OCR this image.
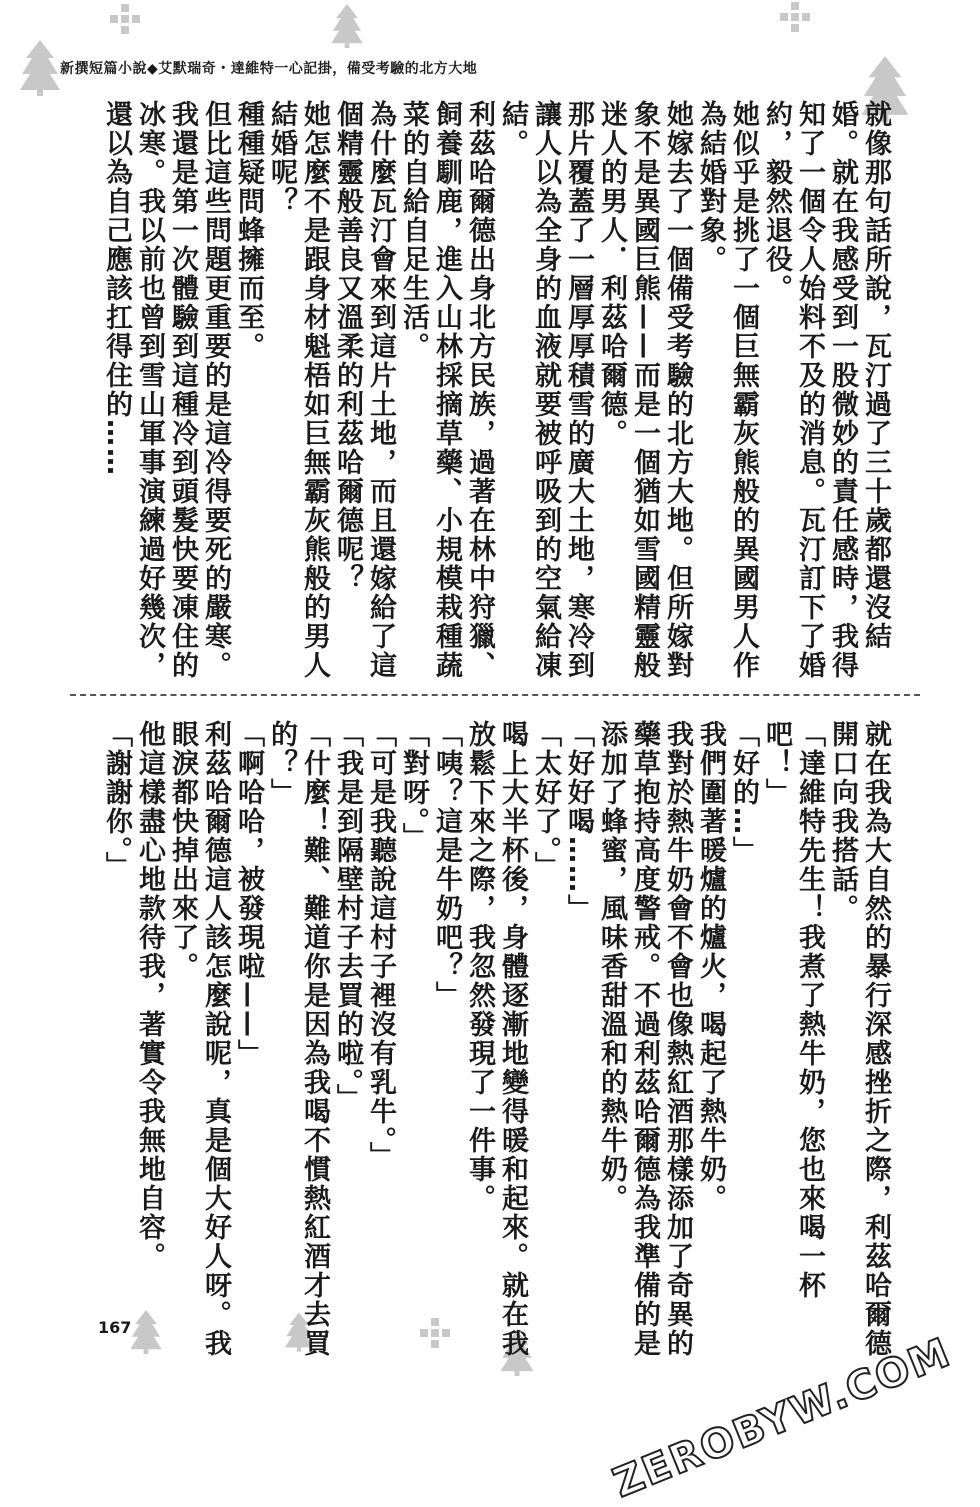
新撰短篇小說◆艾默瑞奇・達維特一心記掛，備受考驗的北方大地

就像那句話所說，瓦汀過了三十歲都還沒結婚。就在我感受到一股微妙的責任感時，我得知了一個令人始料不及的消息。瓦汀訂下了婚約，毅然退役。

她似乎是挑了一個巨無霸灰熊般的異國男人作為結婚對象。

她嫁去了一個備受考驗的北方大地。但所嫁對象不是異國巨熊——而是一個猶如雪國精靈般迷人的男人．利茲哈爾德。

那片覆蓋了一層厚厚積雪的廣大土地，寒冷到讓人以為全身的血液就要被呼吸到的空氣給凍結。

利茲哈爾德出身北方民族，過著在林中狩獵、飼養馴鹿，進入山林採摘草藥、小規模栽種蔬菜的自給自足生活。

為什麼瓦汀會來到這片土地，而且還嫁給了這個精靈般善良又溫柔的利茲哈爾德呢？

她怎麼不是跟身材魁梧如巨無霸灰熊般的男人結婚呢？

種種疑問蜂擁而至。

但比這些問題更重要的是這冷得要死的嚴寒。

我還是第一次體驗到這種冷到頭髮快要凍住的冰寒。我以前也曾到雪山軍事演練過好幾次，還以為自己應該扛得住的……

就在我為大自然的暴行深感挫折之際，利茲哈爾德開口向我搭話。

「達維特先生！我煮了熱牛奶，您也來喝一杯吧！」

「好的…」

我們圍著暖爐的爐火，喝起了熱牛奶。

我對於熱牛奶會不會也像熱紅酒那樣添加了奇異的藥草抱持高度警戒。不過利茲哈爾德為我準備的是添加了蜂蜜，風味香甜溫和的熱牛奶。

「好好喝……」

「太好了。」

喝上大半杯後，身體逐漸地變得暖和起來。就在我放鬆下來之際，我忽然發現了一件事。

「咦？這是牛奶吧？」

「對呀。」

「可是我聽說這村子裡沒有乳牛。」

「我是到隔壁村子去買的啦。」

「什麼！難、難道你是因為我喝不慣熱紅酒才去買的？」

「啊哈哈，被發現啦——」

利茲哈爾德這人該怎麼說呢，真是個大好人呀。我眼淚都快掉出來了。

他這樣盡心地款待我，著實令我無地自容。

「謝謝你。」

167
ZEROBYW.COM
